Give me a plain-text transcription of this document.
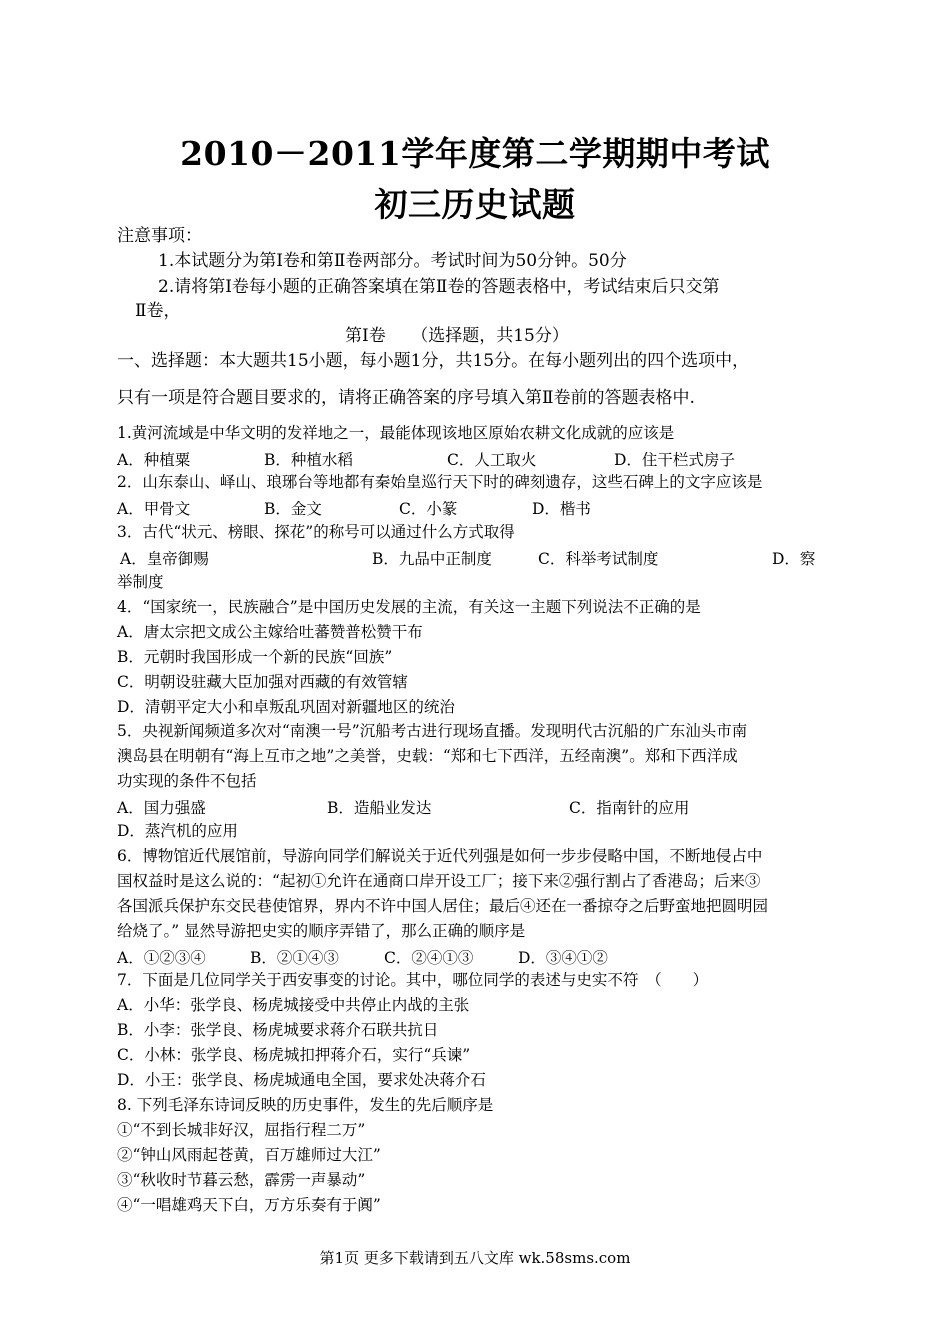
2010－2011学年度第二学期期中考试
初三历史试题
注意事项：
1.本试题分为第Ⅰ卷和第Ⅱ卷两部分。考试时间为50分钟。50分
2.请将第Ⅰ卷每小题的正确答案填在第Ⅱ卷的答题表格中，考试结束后只交第
Ⅱ卷，
第Ⅰ卷　　（选择题，共15分）
一、选择题：本大题共15小题，每小题1分，共15分。在每小题列出的四个选项中，
只有一项是符合题目要求的，请将正确答案的序号填入第Ⅱ卷前的答题表格中.
1.黄河流域是中华文明的发祥地之一，最能体现该地区原始农耕文化成就的应该是
A．种植粟	B．种植水稻	C．人工取火	D．住干栏式房子
2．山东泰山、峄山、琅琊台等地都有秦始皇巡行天下时的碑刻遗存，这些石碑上的文字应该是
A．甲骨文	B．金文	C．小篆	D．楷书
3．古代“状元、榜眼、探花”的称号可以通过什么方式取得
A．皇帝御赐	B．九品中正制度	C．科举考试制度	D．察
举制度
4．“国家统一，民族融合”是中国历史发展的主流，有关这一主题下列说法不正确的是
A．唐太宗把文成公主嫁给吐蕃赞普松赞干布
B．元朝时我国形成一个新的民族“回族”
C．明朝设驻藏大臣加强对西藏的有效管辖
D．清朝平定大小和卓叛乱巩固对新疆地区的统治
5．央视新闻频道多次对“南澳一号”沉船考古进行现场直播。发现明代古沉船的广东汕头市南
澳岛县在明朝有“海上互市之地”之美誉，史载：“郑和七下西洋，五经南澳”。郑和下西洋成
功实现的条件不包括
A．国力强盛	B．造船业发达	C．指南针的应用
D．蒸汽机的应用
6．博物馆近代展馆前，导游向同学们解说关于近代列强是如何一步步侵略中国，不断地侵占中
国权益时是这么说的：“起初①允许在通商口岸开设工厂；接下来②强行割占了香港岛；后来③
各国派兵保护东交民巷使馆界，界内不许中国人居住；最后④还在一番掠夺之后野蛮地把圆明园
给烧了。” 显然导游把史实的顺序弄错了，那么正确的顺序是
A．①②③④	B．②①④③	C．②④①③	D．③④①②
7．下面是几位同学关于西安事变的讨论。其中，哪位同学的表述与史实不符　（　　）
A．小华：张学良、杨虎城接受中共停止内战的主张
B．小李：张学良、杨虎城要求蒋介石联共抗日
C．小林：张学良、杨虎城扣押蒋介石，实行“兵谏”
D．小王：张学良、杨虎城通电全国，要求处决蒋介石
8. 下列毛泽东诗词反映的历史事件，发生的先后顺序是
①“不到长城非好汉，屈指行程二万”
②“钟山风雨起苍黄，百万雄师过大江”
③“秋收时节暮云愁，霹雳一声暴动”
④“一唱雄鸡天下白，万方乐奏有于阗”
第1页 更多下载请到五八文库 wk.58sms.com
